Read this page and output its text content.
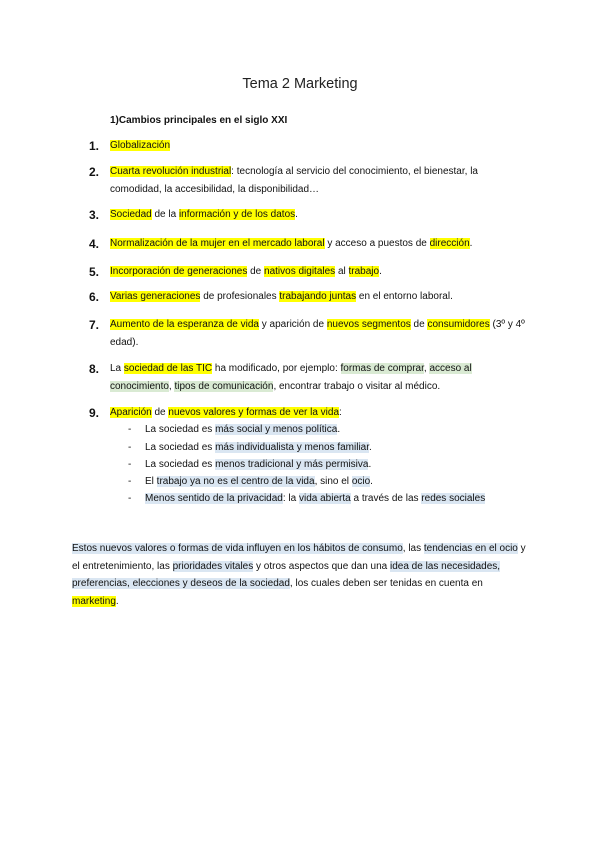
Tema 2 Marketing
1)Cambios principales en el siglo XXI
1. Globalización
2. Cuarta revolución industrial: tecnología al servicio del conocimiento, el bienestar, la comodidad, la accesibilidad, la disponibilidad…
3. Sociedad de la información y de los datos.
4. Normalización de la mujer en el mercado laboral y acceso a puestos de dirección.
5. Incorporación de generaciones de nativos digitales al trabajo.
6. Varias generaciones de profesionales trabajando juntas en el entorno laboral.
7. Aumento de la esperanza de vida y aparición de nuevos segmentos de consumidores (3º y 4º edad).
8. La sociedad de las TIC ha modificado, por ejemplo: formas de comprar, acceso al conocimiento, tipos de comunicación, encontrar trabajo o visitar al médico.
9. Aparición de nuevos valores y formas de ver la vida:
- La sociedad es más social y menos política.
- La sociedad es más individualista y menos familiar.
- La sociedad es menos tradicional y más permisiva.
- El trabajo ya no es el centro de la vida, sino el ocio.
- Menos sentido de la privacidad: la vida abierta a través de las redes sociales
Estos nuevos valores o formas de vida influyen en los hábitos de consumo, las tendencias en el ocio y el entretenimiento, las prioridades vitales y otros aspectos que dan una idea de las necesidades, preferencias, elecciones y deseos de la sociedad, los cuales deben ser tenidas en cuenta en marketing.
